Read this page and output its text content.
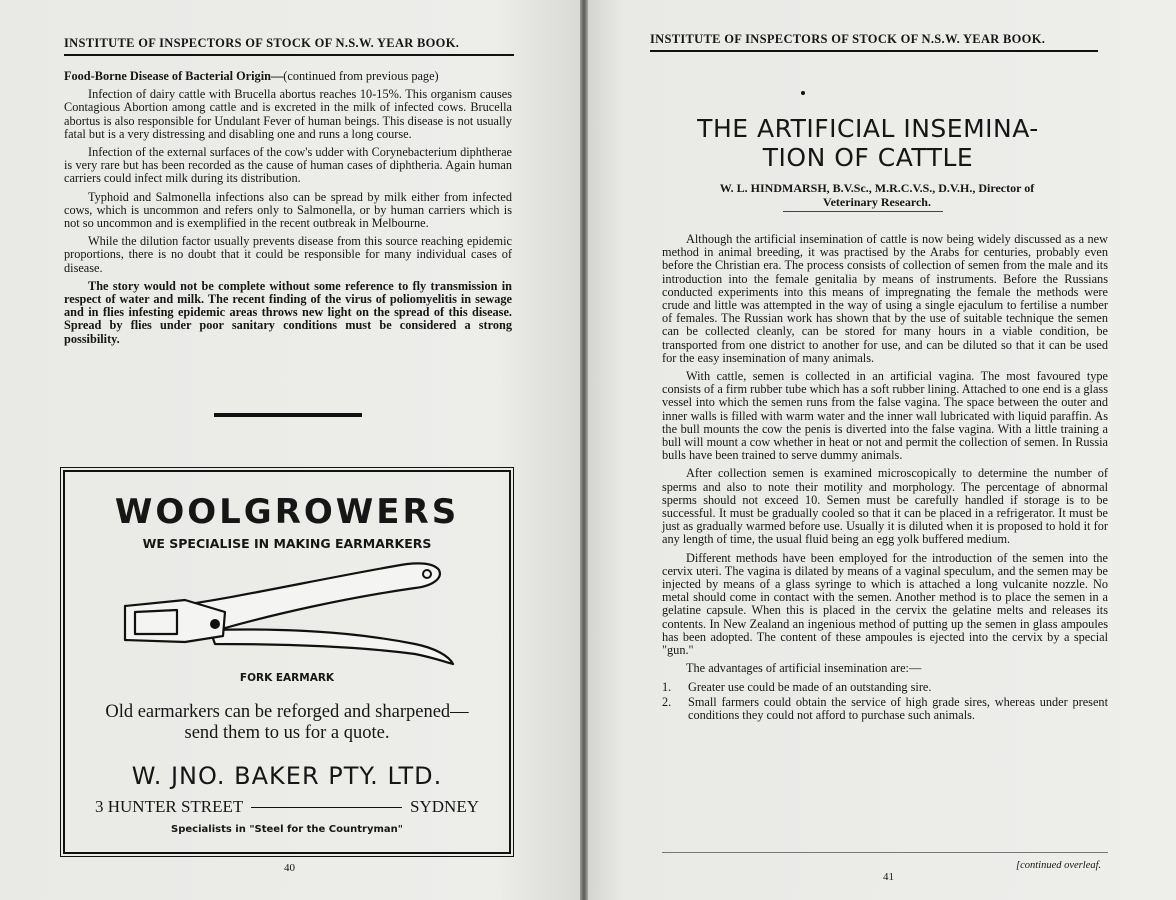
INSTITUTE OF INSPECTORS OF STOCK OF N.S.W. YEAR BOOK.

Food-Borne Disease of Bacterial Origin—(continued from previous page)

Infection of dairy cattle with Brucella abortus reaches 10-15%. This organism causes Contagious Abortion among cattle and is excreted in the milk of infected cows. Brucella abortus is also responsible for Undulant Fever of human beings. This disease is not usually fatal but is a very distressing and disabling one and runs a long course.

Infection of the external surfaces of the cow's udder with Corynebacterium diphtherae is very rare but has been recorded as the cause of human cases of diphtheria. Again human carriers could infect milk during its distribution.

Typhoid and Salmonella infections also can be spread by milk either from infected cows, which is uncommon and refers only to Salmonella, or by human carriers which is not so uncommon and is exemplified in the recent outbreak in Melbourne.

While the dilution factor usually prevents disease from this source reaching epidemic proportions, there is no doubt that it could be responsible for many individual cases of disease.

The story would not be complete without some reference to fly transmission in respect of water and milk. The recent finding of the virus of poliomyelitis in sewage and in flies infesting epidemic areas throws new light on the spread of this disease. Spread by flies under poor sanitary conditions must be considered a strong possibility.

WOOLGROWERS
WE SPECIALISE IN MAKING EARMARKERS
FORK EARMARK
Old earmarkers can be reforged and sharpened—send them to us for a quote.
W. JNO. BAKER PTY. LTD.
3 HUNTER STREET	SYDNEY
Specialists in "Steel for the Countryman"
40
INSTITUTE OF INSPECTORS OF STOCK OF N.S.W. YEAR BOOK.
THE ARTIFICIAL INSEMINA-
TION OF CATTLE
W. L. HINDMARSH, B.V.Sc., M.R.C.V.S., D.V.H., Director of
Veterinary Research.

Although the artificial insemination of cattle is now being widely discussed as a new method in animal breeding, it was practised by the Arabs for centuries, probably even before the Christian era. The process consists of collection of semen from the male and its introduction into the female genitalia by means of instruments. Before the Russians conducted experiments into this means of impregnating the female the methods were crude and little was attempted in the way of using a single ejaculum to fertilise a number of females. The Russian work has shown that by the use of suitable technique the semen can be collected cleanly, can be stored for many hours in a viable condition, be transported from one district to another for use, and can be diluted so that it can be used for the easy insemination of many animals.

With cattle, semen is collected in an artificial vagina. The most favoured type consists of a firm rubber tube which has a soft rubber lining. Attached to one end is a glass vessel into which the semen runs from the false vagina. The space between the outer and inner walls is filled with warm water and the inner wall lubricated with liquid paraffin. As the bull mounts the cow the penis is diverted into the false vagina. With a little training a bull will mount a cow whether in heat or not and permit the collection of semen. In Russia bulls have been trained to serve dummy animals.

After collection semen is examined microscopically to determine the number of sperms and also to note their motility and morphology. The percentage of abnormal sperms should not exceed 10. Semen must be carefully handled if storage is to be successful. It must be gradually cooled so that it can be placed in a refrigerator. It must be just as gradually warmed before use. Usually it is diluted when it is proposed to hold it for any length of time, the usual fluid being an egg yolk buffered medium.

Different methods have been employed for the introduction of the semen into the cervix uteri. The vagina is dilated by means of a vaginal speculum, and the semen may be injected by means of a glass syringe to which is attached a long vulcanite nozzle. No metal should come in contact with the semen. Another method is to place the semen in a gelatine capsule. When this is placed in the cervix the gelatine melts and releases its contents. In New Zealand an ingenious method of putting up the semen in glass ampoules has been adopted. The content of these ampoules is ejected into the cervix by a special "gun."

The advantages of artificial insemination are:—

1.	Greater use could be made of an outstanding sire.
2.	Small farmers could obtain the service of high grade sires, whereas under present conditions they could not afford to purchase such animals.
[continued overleaf.
41
